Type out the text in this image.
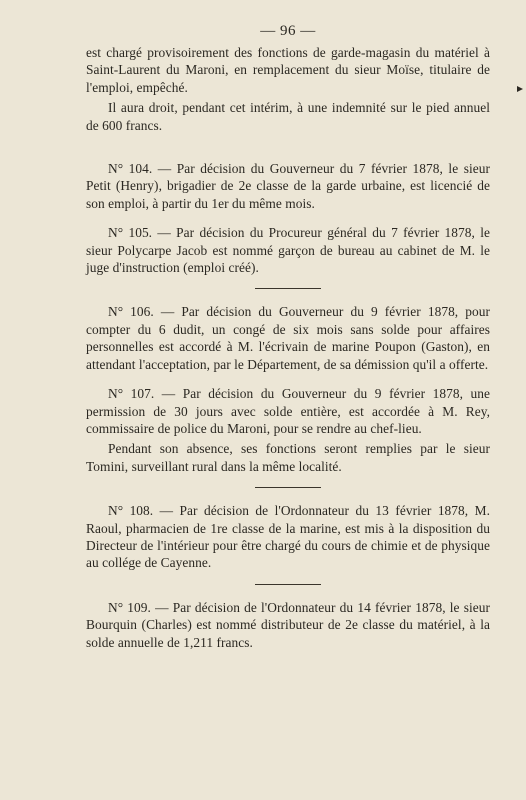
— 96 —

est chargé provisoirement des fonctions de garde-magasin du matériel à Saint-Laurent du Maroni, en remplacement du sieur Moïse, titulaire de l'emploi, empêché.

Il aura droit, pendant cet intérim, à une indemnité sur le pied annuel de 600 francs.

N° 104. — Par décision du Gouverneur du 7 février 1878, le sieur Petit (Henry), brigadier de 2e classe de la garde urbaine, est licencié de son emploi, à partir du 1er du même mois.

N° 105. — Par décision du Procureur général du 7 février 1878, le sieur Polycarpe Jacob est nommé garçon de bureau au cabinet de M. le juge d'instruction (emploi créé).

N° 106. — Par décision du Gouverneur du 9 février 1878, pour compter du 6 dudit, un congé de six mois sans solde pour affaires personnelles est accordé à M. l'écrivain de marine Poupon (Gaston), en attendant l'acceptation, par le Département, de sa démission qu'il a offerte.

N° 107. — Par décision du Gouverneur du 9 février 1878, une permission de 30 jours avec solde entière, est accordée à M. Rey, commissaire de police du Maroni, pour se rendre au chef-lieu.

Pendant son absence, ses fonctions seront remplies par le sieur Tomini, surveillant rural dans la même localité.

N° 108. — Par décision de l'Ordonnateur du 13 février 1878, M. Raoul, pharmacien de 1re classe de la marine, est mis à la disposition du Directeur de l'intérieur pour être chargé du cours de chimie et de physique au collége de Cayenne.

N° 109. — Par décision de l'Ordonnateur du 14 février 1878, le sieur Bourquin (Charles) est nommé distributeur de 2e classe du matériel, à la solde annuelle de 1,211 francs.
